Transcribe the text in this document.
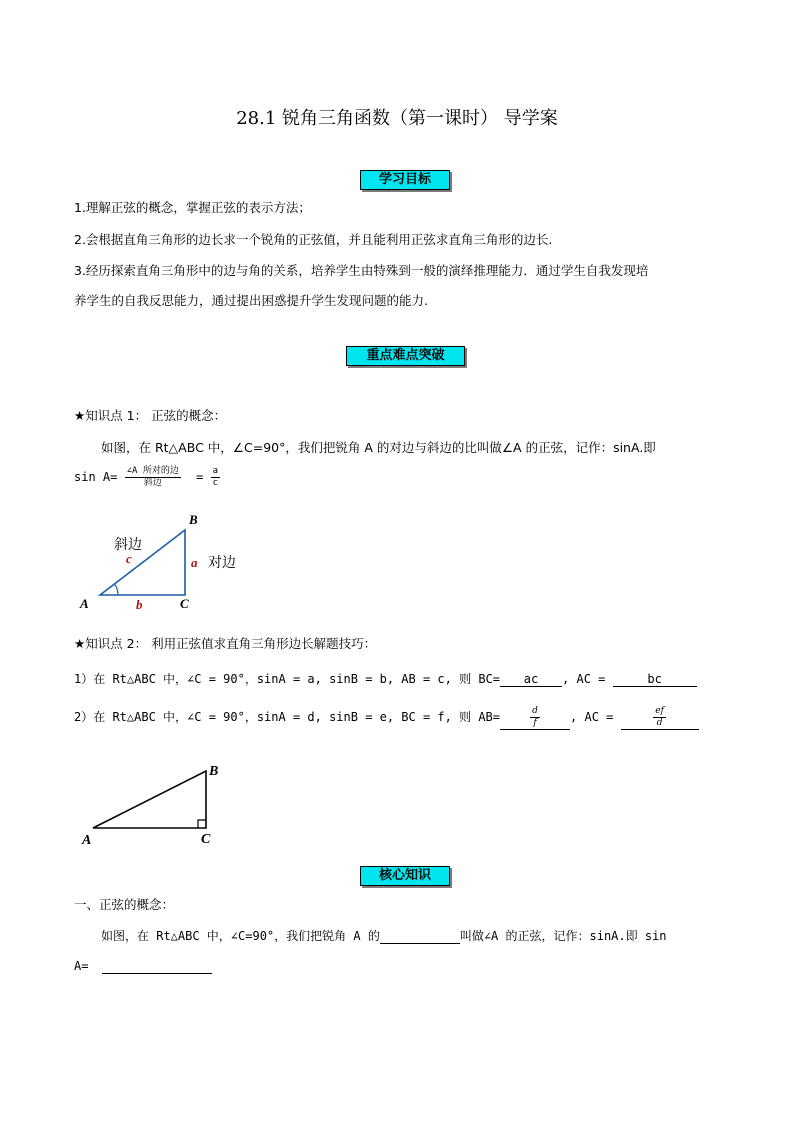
28.1 锐角三角函数（第一课时） 导学案
学习目标
1.理解正弦的概念，掌握正弦的表示方法；
2.会根据直角三角形的边长求一个锐角的正弦值，并且能利用正弦求直角三角形的边长.
3.经历探索直角三角形中的边与角的关系，培养学生由特殊到一般的演绎推理能力．通过学生自我发现培
养学生的自我反思能力，通过提出困惑提升学生发现问题的能力.
重点难点突破
★知识点 1： 正弦的概念：
如图，在 Rt△ABC 中，∠C=90°，我们把锐角 A 的对边与斜边的比叫做∠A 的正弦，记作：sinA.即
$\sin A= \frac{\text{∠A 所对的边}}{\text{斜边}} = \frac{a}{c}$
B
A	C
c	a
b
斜边
对边
★知识点 2： 利用正弦值求直角三角形边长解题技巧：
1）在 Rt△ABC 中，∠C = 90°，sinA = a, sinB = b, AB = c, 则 BC= ac , AC =	bc
2）在 Rt△ABC 中，∠C = 90°，sinA = d, sinB = e, BC = f, 则 AB=	$\frac{d}{f}$	, AC =	$\frac{ef}{d}$
B
A	C
核心知识
一、正弦的概念：
如图，在 Rt△ABC 中，∠C=90°，我们把锐角 A 的	叫做∠A 的正弦，记作：sinA.即 sin
A=
